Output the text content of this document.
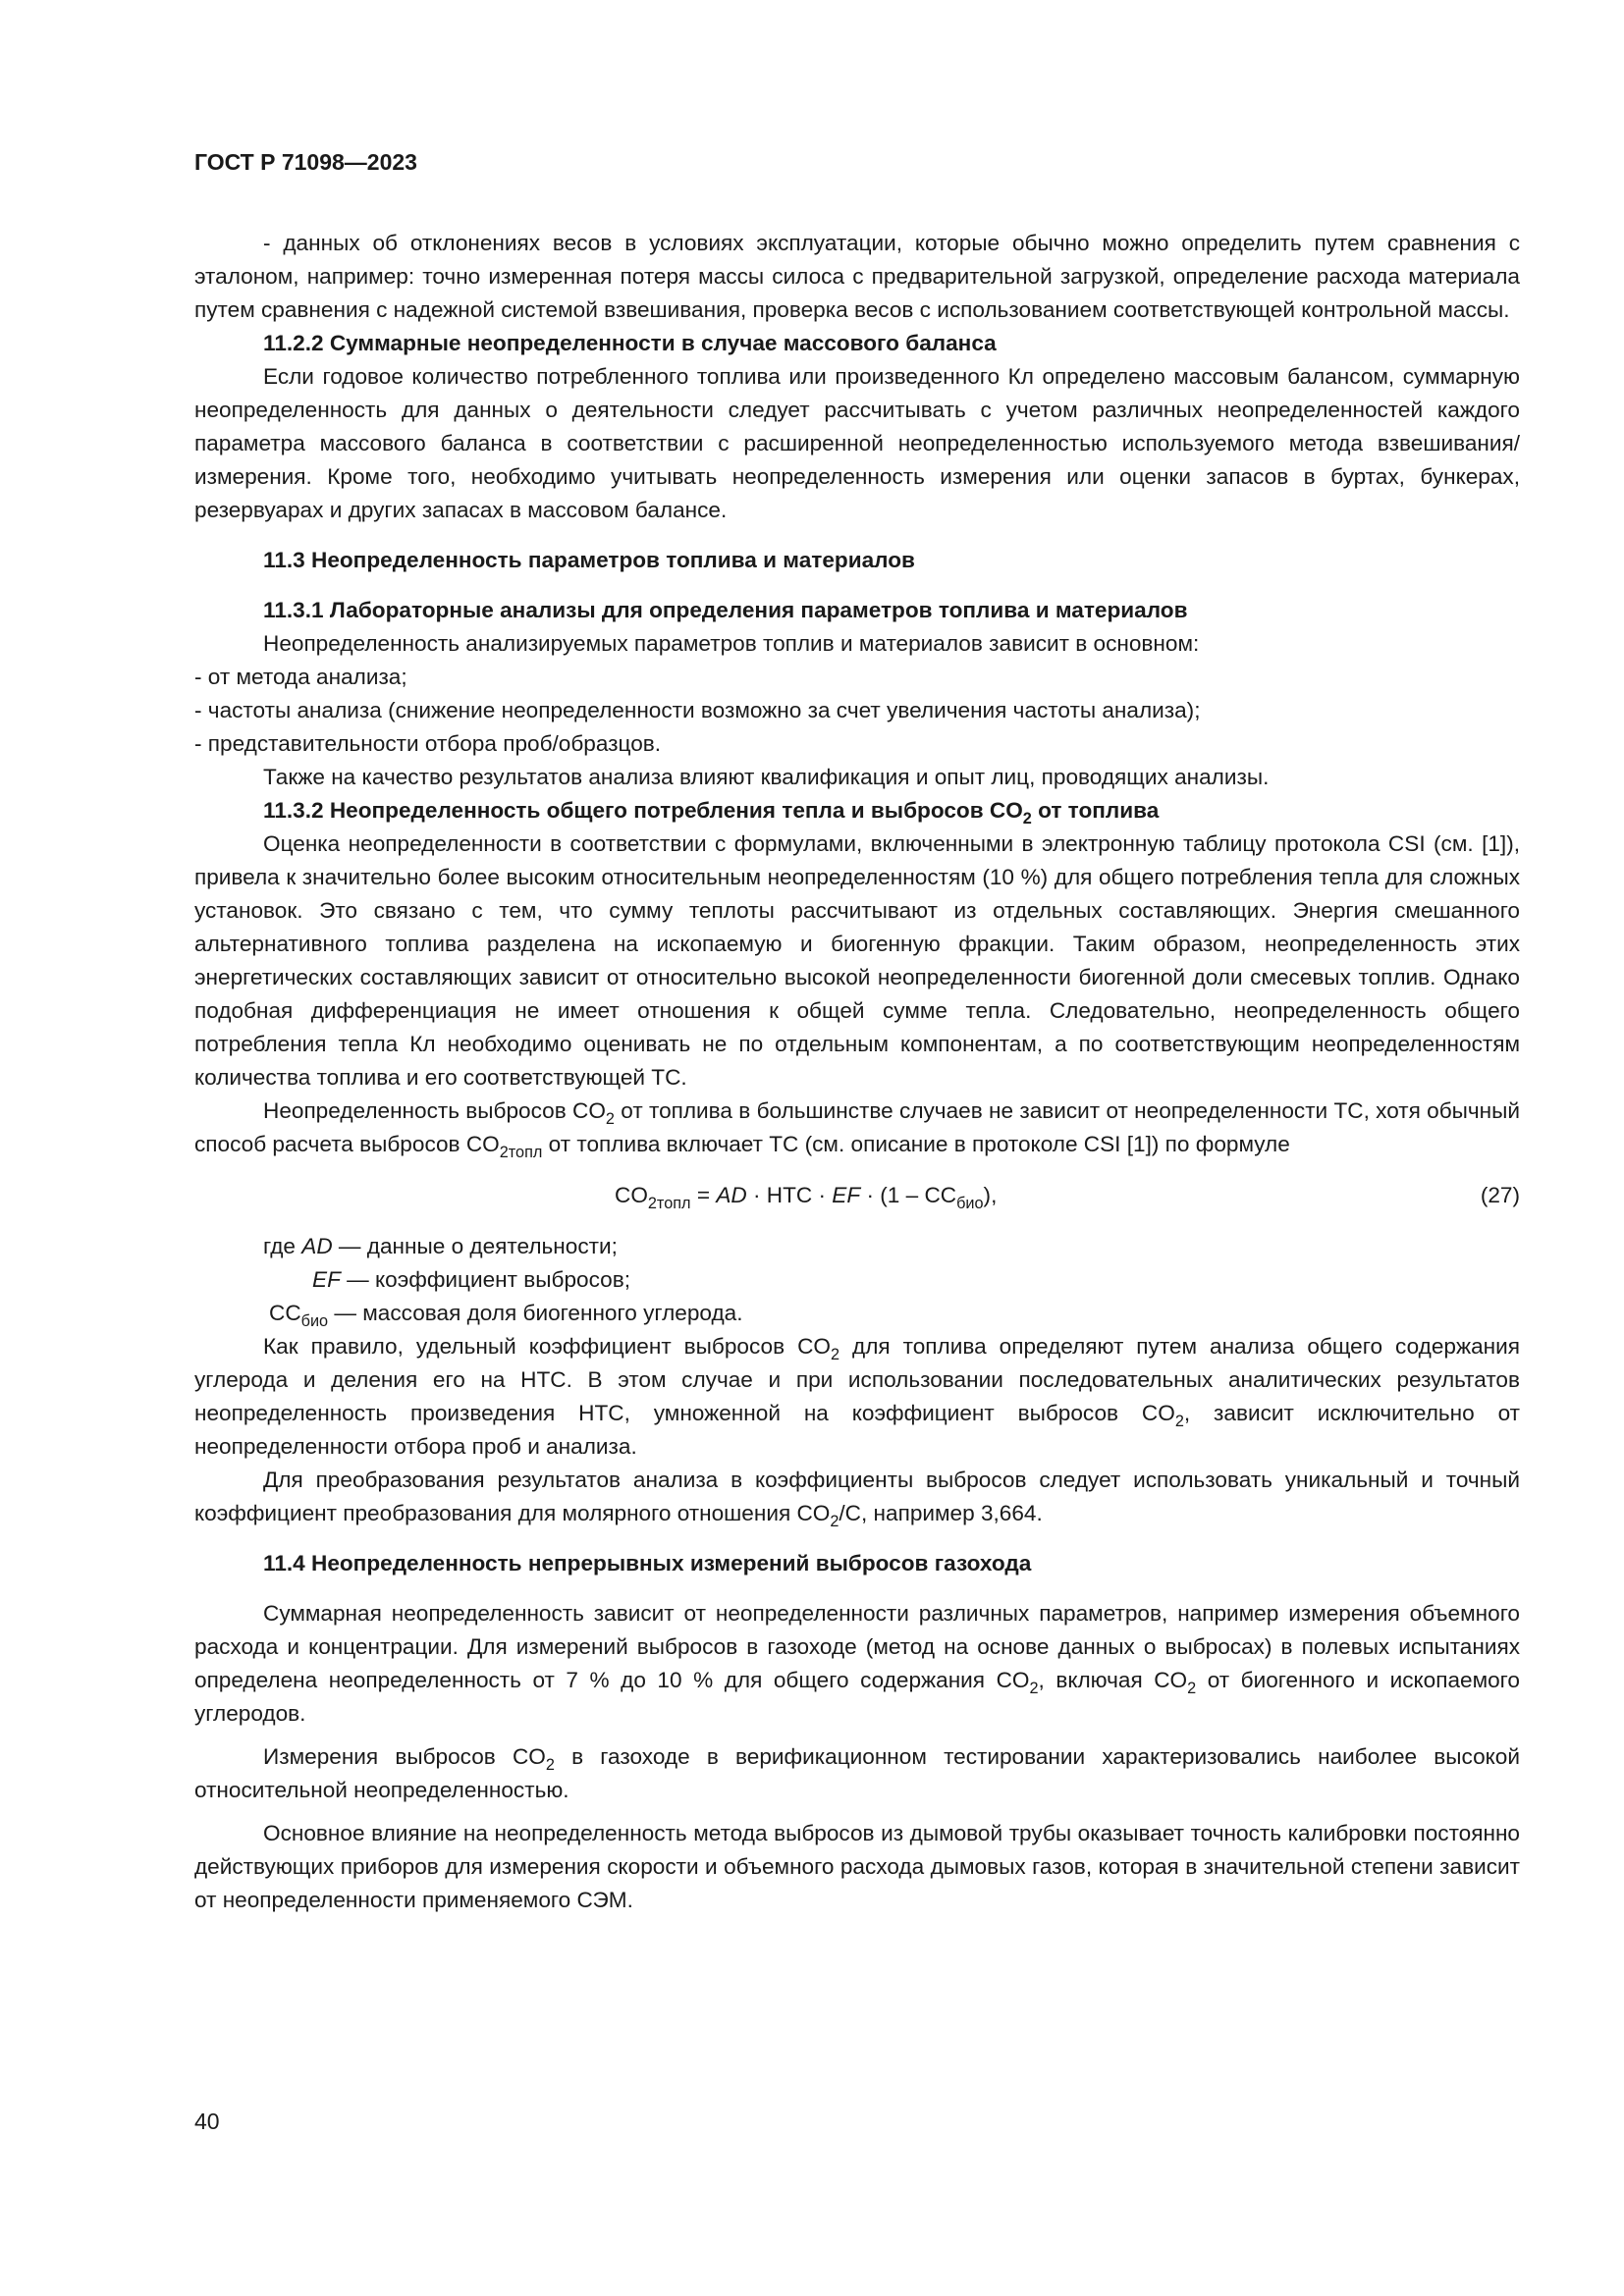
ГОСТ Р 71098—2023

- данных об отклонениях весов в условиях эксплуатации, которые обычно можно определить путем сравнения с эталоном, например: точно измеренная потеря массы силоса с предварительной загрузкой, определение расхода материала путем сравнения с надежной системой взвешивания, проверка весов с использованием соответствующей контрольной массы.

11.2.2 Суммарные неопределенности в случае массового баланса

Если годовое количество потребленного топлива или произведенного Кл определено массовым балансом, суммарную неопределенность для данных о деятельности следует рассчитывать с учетом различных неопределенностей каждого параметра массового баланса в соответствии с расширенной неопределенностью используемого метода взвешивания/измерения. Кроме того, необходимо учитывать неопределенность измерения или оценки запасов в буртах, бункерах, резервуарах и других запасах в массовом балансе.

11.3 Неопределенность параметров топлива и материалов

11.3.1 Лабораторные анализы для определения параметров топлива и материалов

Неопределенность анализируемых параметров топлив и материалов зависит в основном:

- от метода анализа;

- частоты анализа (снижение неопределенности возможно за счет увеличения частоты анализа);

- представительности отбора проб/образцов.

Также на качество результатов анализа влияют квалификация и опыт лиц, проводящих анализы.

11.3.2 Неопределенность общего потребления тепла и выбросов $CO_2$ от топлива

Оценка неопределенности в соответствии с формулами, включенными в электронную таблицу протокола CSI (см. [1]), привела к значительно более высоким относительным неопределенностям (10 %) для общего потребления тепла для сложных установок. Это связано с тем, что сумму теплоты рассчитывают из отдельных составляющих. Энергия смешанного альтернативного топлива разделена на ископаемую и биогенную фракции. Таким образом, неопределенность этих энергетических составляющих зависит от относительно высокой неопределенности биогенной доли смесевых топлив. Однако подобная дифференциация не имеет отношения к общей сумме тепла. Следовательно, неопределенность общего потребления тепла Кл необходимо оценивать не по отдельным компонентам, а по соответствующим неопределенностям количества топлива и его соответствующей ТС.

Неопределенность выбросов $CO_2$ от топлива в большинстве случаев не зависит от неопределенности ТС, хотя обычный способ расчета выбросов $CO_{2топл}$ от топлива включает ТС (см. описание в протоколе CSI [1]) по формуле

$CO_{2топл}$ = AD · НТС · EF · $(1 - CC_{био})$,	(27)

где AD — данные о деятельности;

EF — коэффициент выбросов;

$CC_{био}$ — массовая доля биогенного углерода.

Как правило, удельный коэффициент выбросов $CO_2$ для топлива определяют путем анализа общего содержания углерода и деления его на НТС. В этом случае и при использовании последовательных аналитических результатов неопределенность произведения НТС, умноженной на коэффициент выбросов $CO_2$, зависит исключительно от неопределенности отбора проб и анализа.

Для преобразования результатов анализа в коэффициенты выбросов следует использовать уникальный и точный коэффициент преобразования для молярного отношения $CO_2/C$, например 3,664.

11.4 Неопределенность непрерывных измерений выбросов газохода

Суммарная неопределенность зависит от неопределенности различных параметров, например измерения объемного расхода и концентрации. Для измерений выбросов в газоходе (метод на основе данных о выбросах) в полевых испытаниях определена неопределенность от 7 % до 10 % для общего содержания $CO_2$, включая $CO_2$ от биогенного и ископаемого углеродов.

Измерения выбросов $CO_2$ в газоходе в верификационном тестировании характеризовались наиболее высокой относительной неопределенностью.

Основное влияние на неопределенность метода выбросов из дымовой трубы оказывает точность калибровки постоянно действующих приборов для измерения скорости и объемного расхода дымовых газов, которая в значительной степени зависит от неопределенности применяемого СЭМ.

40
